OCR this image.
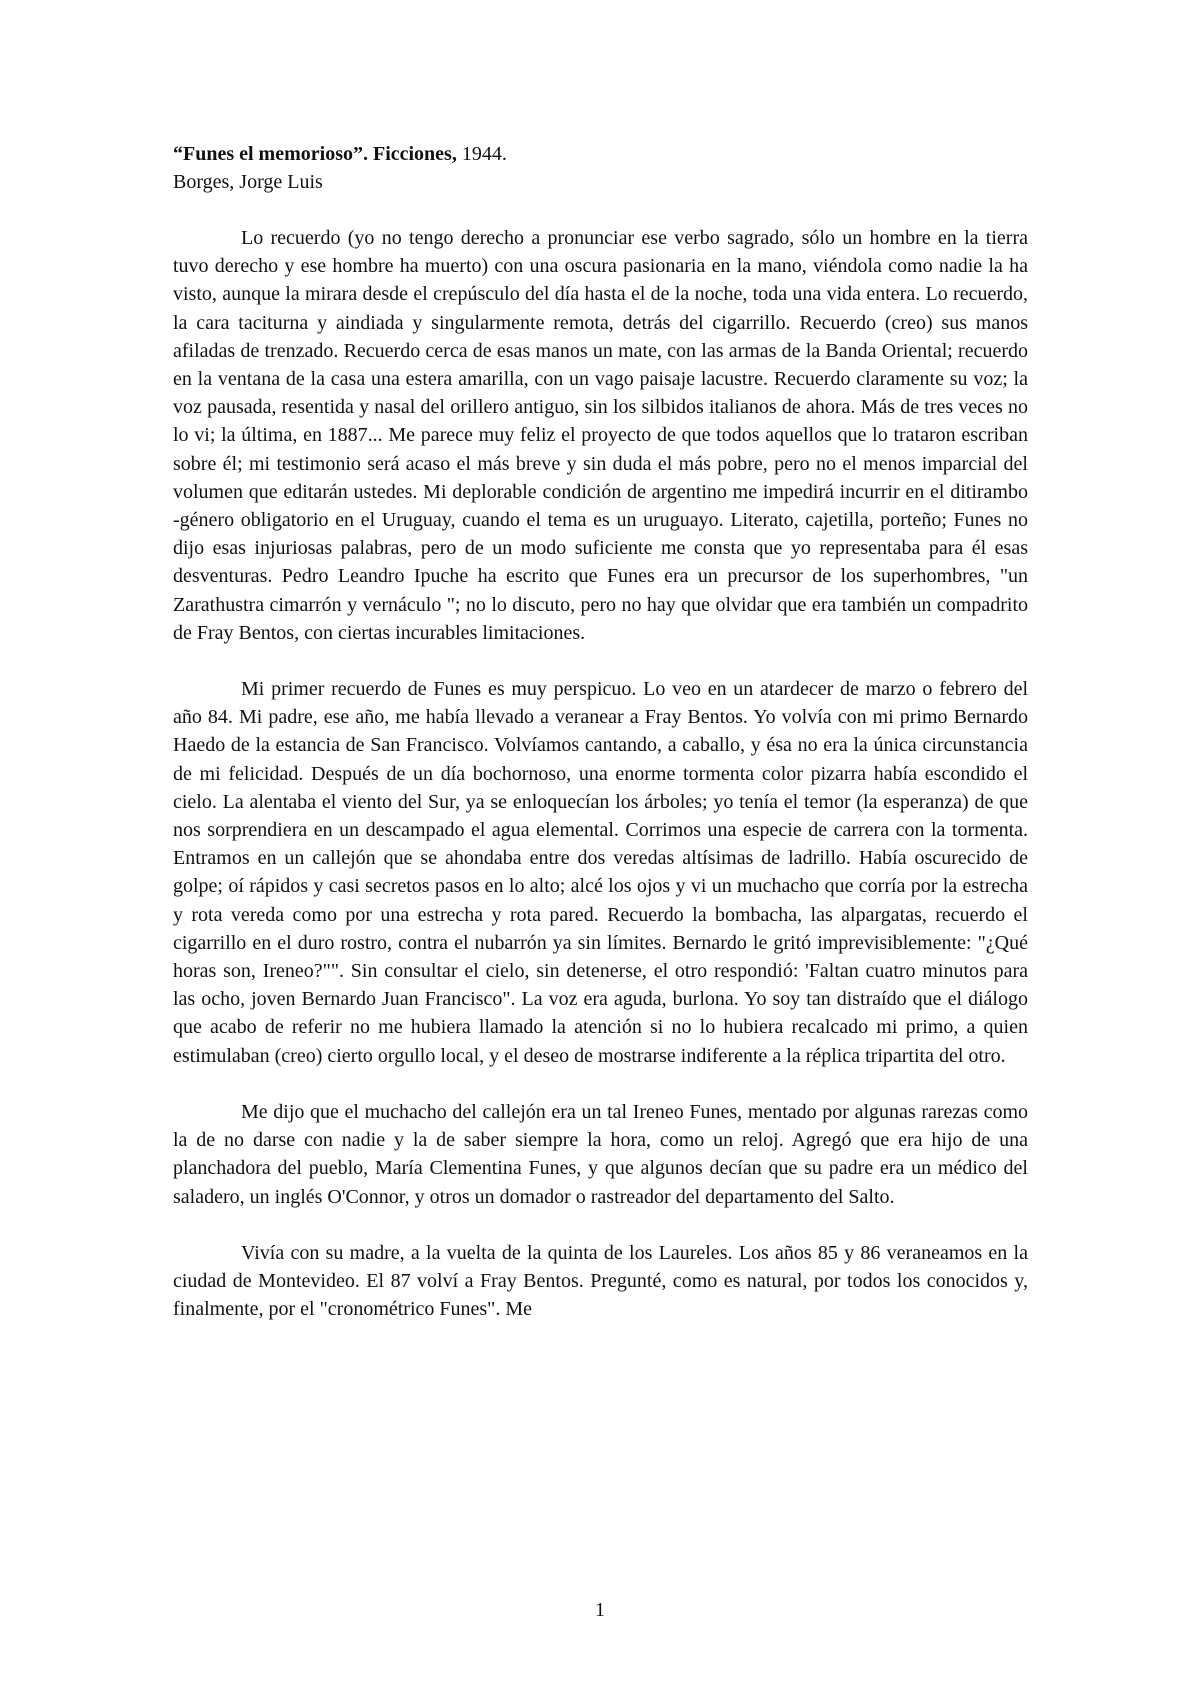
“Funes el memorioso”. Ficciones, 1944.

Borges, Jorge Luis

Lo recuerdo (yo no tengo derecho a pronunciar ese verbo sagrado, sólo un hombre en la tierra tuvo derecho y ese hombre ha muerto) con una oscura pasionaria en la mano, viéndola como nadie la ha visto, aunque la mirara desde el crepúsculo del día hasta el de la noche, toda una vida entera. Lo recuerdo, la cara taciturna y aindiada y singularmente remota, detrás del cigarrillo. Recuerdo (creo) sus manos afiladas de trenzado. Recuerdo cerca de esas manos un mate, con las armas de la Banda Oriental; recuerdo en la ventana de la casa una estera amarilla, con un vago paisaje lacustre. Recuerdo claramente su voz; la voz pausada, resentida y nasal del orillero antiguo, sin los silbidos italianos de ahora. Más de tres veces no lo vi; la última, en 1887... Me parece muy feliz el proyecto de que todos aquellos que lo trataron escriban sobre él; mi testimonio será acaso el más breve y sin duda el más pobre, pero no el menos imparcial del volumen que editarán ustedes. Mi deplorable condición de argentino me impedirá incurrir en el ditirambo -género obligatorio en el Uruguay, cuando el tema es un uruguayo. Literato, cajetilla, porteño; Funes no dijo esas injuriosas palabras, pero de un modo suficiente me consta que yo representaba para él esas desventuras. Pedro Leandro Ipuche ha escrito que Funes era un precursor de los superhombres, "un Zarathustra cimarrón y vernáculo "; no lo discuto, pero no hay que olvidar que era también un compadrito de Fray Bentos, con ciertas incurables limitaciones.

Mi primer recuerdo de Funes es muy perspicuo. Lo veo en un atardecer de marzo o febrero del año 84. Mi padre, ese año, me había llevado a veranear a Fray Bentos. Yo volvía con mi primo Bernardo Haedo de la estancia de San Francisco. Volvíamos cantando, a caballo, y ésa no era la única circunstancia de mi felicidad. Después de un día bochornoso, una enorme tormenta color pizarra había escondido el cielo. La alentaba el viento del Sur, ya se enloquecían los árboles; yo tenía el temor (la esperanza) de que nos sorprendiera en un descampado el agua elemental. Corrimos una especie de carrera con la tormenta. Entramos en un callejón que se ahondaba entre dos veredas altísimas de ladrillo. Había oscurecido de golpe; oí rápidos y casi secretos pasos en lo alto; alcé los ojos y vi un muchacho que corría por la estrecha y rota vereda como por una estrecha y rota pared. Recuerdo la bombacha, las alpargatas, recuerdo el cigarrillo en el duro rostro, contra el nubarrón ya sin límites. Bernardo le gritó imprevisiblemente: "¿Qué horas son, Ireneo?"". Sin consultar el cielo, sin detenerse, el otro respondió: 'Faltan cuatro minutos para las ocho, joven Bernardo Juan Francisco". La voz era aguda, burlona. Yo soy tan distraído que el diálogo que acabo de referir no me hubiera llamado la atención si no lo hubiera recalcado mi primo, a quien estimulaban (creo) cierto orgullo local, y el deseo de mostrarse indiferente a la réplica tripartita del otro.

Me dijo que el muchacho del callejón era un tal Ireneo Funes, mentado por algunas rarezas como la de no darse con nadie y la de saber siempre la hora, como un reloj. Agregó que era hijo de una planchadora del pueblo, María Clementina Funes, y que algunos decían que su padre era un médico del saladero, un inglés O'Connor, y otros un domador o rastreador del departamento del Salto.

Vivía con su madre, a la vuelta de la quinta de los Laureles. Los años 85 y 86 veraneamos en la ciudad de Montevideo. El 87 volví a Fray Bentos. Pregunté, como es natural, por todos los conocidos y, finalmente, por el "cronométrico Funes". Me

1
